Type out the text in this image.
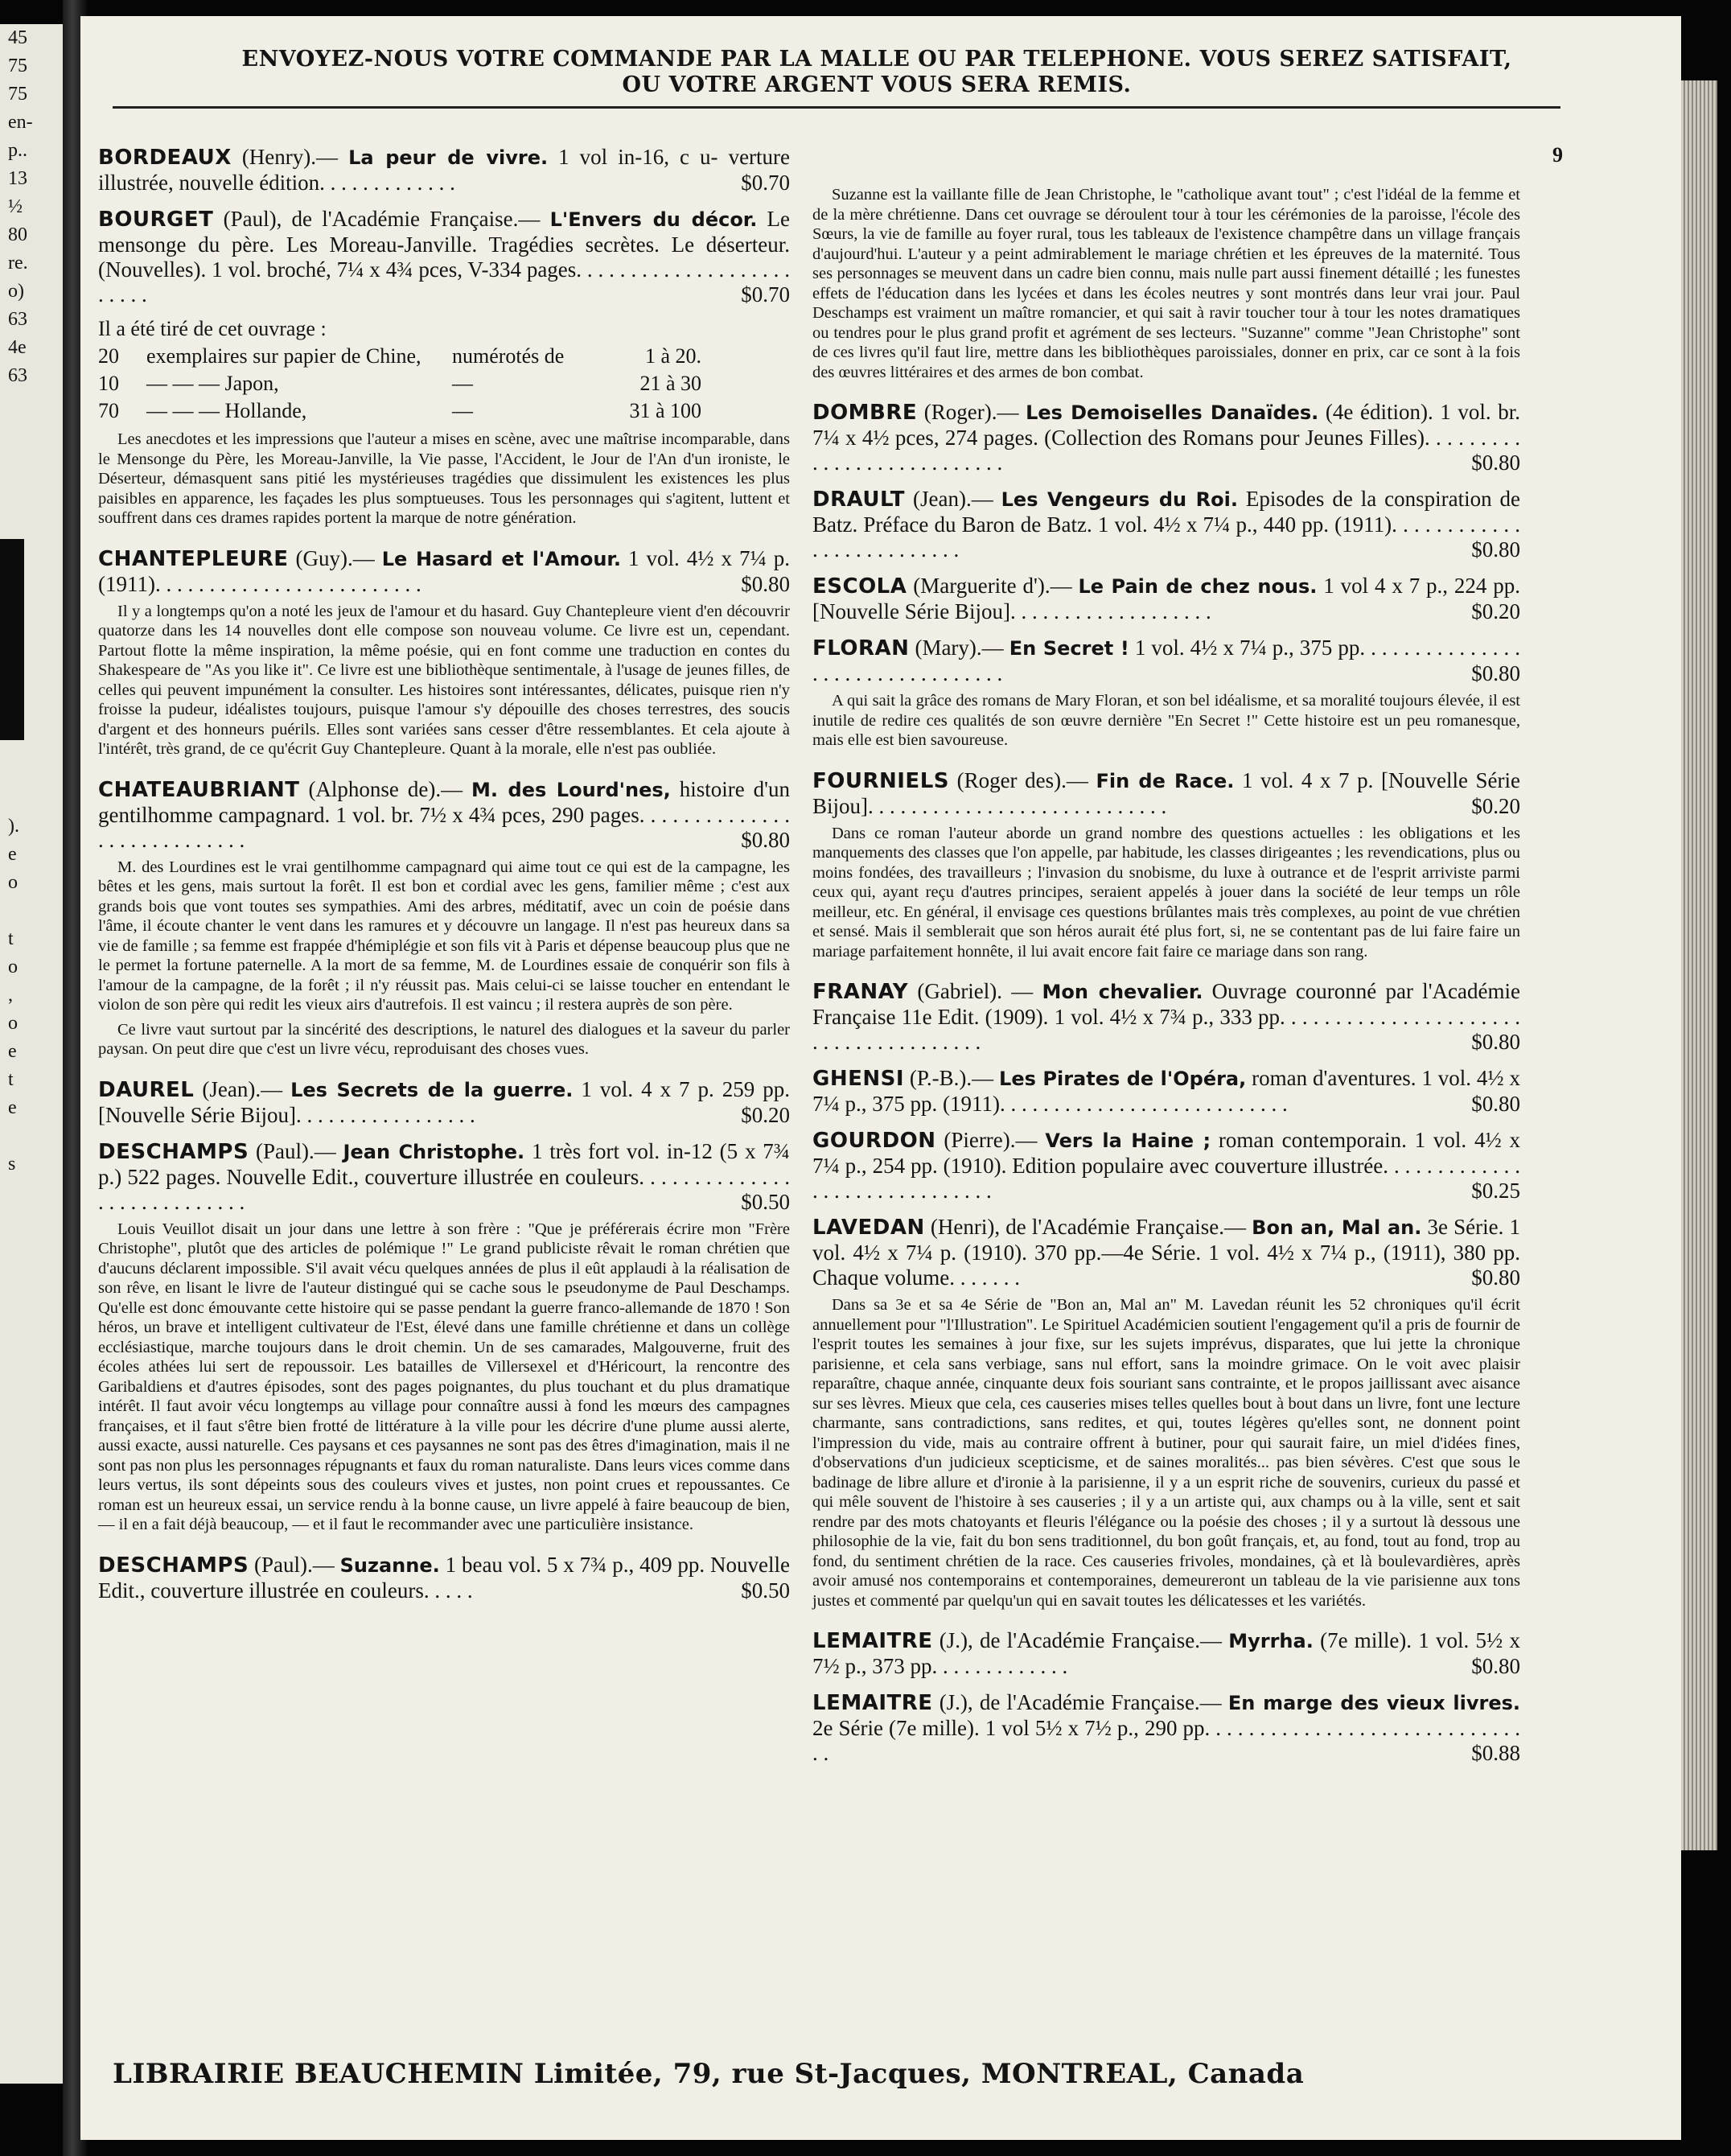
45
75
75
en-
p..
13
½
80
re.
o)
63
4e
63

).
e
o

t
o
,
o
e
t
e

s

ENVOYEZ-NOUS VOTRE COMMANDE PAR LA MALLE OU PAR TELEPHONE. VOUS SEREZ SATISFAIT,
OU VOTRE ARGENT VOUS SERA REMIS.
9
BORDEAUX (Henry).— La peur de vivre. 1 vol in-16, c u- verture illustrée, nouvelle édition. . . . . . . . . . . . .	$0.70
BOURGET (Paul), de l'Académie Française.— L'Envers du décor. Le mensonge du père. Les Moreau-Janville. Tragédies secrètes. Le déserteur. (Nouvelles). 1 vol. broché, 7¼ x 4¾ pces, V-334 pages. . . . . . . . . . . . . . . . . . . . . . . . .	$0.70
Il a été tiré de cet ouvrage :
20	exemplaires sur papier de Chine,	numérotés de	1 à 20.
10	— — — Japon,	—	21 à 30
70	— — — Hollande,	—	31 à 100
Les anecdotes et les impressions que l'auteur a mises en scène, avec une maîtrise incomparable, dans le Mensonge du Père, les Moreau-Janville, la Vie passe, l'Accident, le Jour de l'An d'un ironiste, le Déserteur, démasquent sans pitié les mystérieuses tragédies que dissimulent les existences les plus paisibles en apparence, les façades les plus somptueuses. Tous les personnages qui s'agitent, luttent et souffrent dans ces drames rapides portent la marque de notre génération.
CHANTEPLEURE (Guy).— Le Hasard et l'Amour. 1 vol. 4½ x 7¼ p. (1911). . . . . . . . . . . . . . . . . . . . . . . . .	$0.80
Il y a longtemps qu'on a noté les jeux de l'amour et du hasard. Guy Chantepleure vient d'en découvrir quatorze dans les 14 nouvelles dont elle compose son nouveau volume. Ce livre est un, cependant. Partout flotte la même inspiration, la même poésie, qui en font comme une traduction en contes du Shakespeare de "As you like it". Ce livre est une bibliothèque sentimentale, à l'usage de jeunes filles, de celles qui peuvent impunément la consulter. Les histoires sont intéressantes, délicates, puisque rien n'y froisse la pudeur, idéalistes toujours, puisque l'amour s'y dépouille des choses terrestres, des soucis d'argent et des honneurs puérils. Elles sont variées sans cesser d'être ressemblantes. Et cela ajoute à l'intérêt, très grand, de ce qu'écrit Guy Chantepleure. Quant à la morale, elle n'est pas oubliée.
CHATEAUBRIANT (Alphonse de).— M. des Lourd'nes, histoire d'un gentilhomme campagnard. 1 vol. br. 7½ x 4¾ pces, 290 pages. . . . . . . . . . . . . . . . . . . . . . . . . . . .	$0.80
M. des Lourdines est le vrai gentilhomme campagnard qui aime tout ce qui est de la campagne, les bêtes et les gens, mais surtout la forêt. Il est bon et cordial avec les gens, familier même ; c'est aux grands bois que vont toutes ses sympathies. Ami des arbres, méditatif, avec un coin de poésie dans l'âme, il écoute chanter le vent dans les ramures et y découvre un langage. Il n'est pas heureux dans sa vie de famille ; sa femme est frappée d'hémiplégie et son fils vit à Paris et dépense beaucoup plus que ne le permet la fortune paternelle. A la mort de sa femme, M. de Lourdines essaie de conquérir son fils à l'amour de la campagne, de la forêt ; il n'y réussit pas. Mais celui-ci se laisse toucher en entendant le violon de son père qui redit les vieux airs d'autrefois. Il est vaincu ; il restera auprès de son père.
Ce livre vaut surtout par la sincérité des descriptions, le naturel des dialogues et la saveur du parler paysan. On peut dire que c'est un livre vécu, reproduisant des choses vues.
DAUREL (Jean).— Les Secrets de la guerre. 1 vol. 4 x 7 p. 259 pp. [Nouvelle Série Bijou]. . . . . . . . . . . . . . . . .	$0.20
DESCHAMPS (Paul).— Jean Christophe. 1 très fort vol. in-12 (5 x 7¾ p.) 522 pages. Nouvelle Edit., couverture illustrée en couleurs. . . . . . . . . . . . . . . . . . . . . . . . . . . .	$0.50
Louis Veuillot disait un jour dans une lettre à son frère : "Que je préférerais écrire mon "Frère Christophe", plutôt que des articles de polémique !" Le grand publiciste rêvait le roman chrétien que d'aucuns déclarent impossible. S'il avait vécu quelques années de plus il eût applaudi à la réalisation de son rêve, en lisant le livre de l'auteur distingué qui se cache sous le pseudonyme de Paul Deschamps. Qu'elle est donc émouvante cette histoire qui se passe pendant la guerre franco-allemande de 1870 ! Son héros, un brave et intelligent cultivateur de l'Est, élevé dans une famille chrétienne et dans un collège ecclésiastique, marche toujours dans le droit chemin. Un de ses camarades, Malgouverne, fruit des écoles athées lui sert de repoussoir. Les batailles de Villersexel et d'Héricourt, la rencontre des Garibaldiens et d'autres épisodes, sont des pages poignantes, du plus touchant et du plus dramatique intérêt. Il faut avoir vécu longtemps au village pour connaître aussi à fond les mœurs des campagnes françaises, et il faut s'être bien frotté de littérature à la ville pour les décrire d'une plume aussi alerte, aussi exacte, aussi naturelle. Ces paysans et ces paysannes ne sont pas des êtres d'imagination, mais il ne sont pas non plus les personnages répugnants et faux du roman naturaliste. Dans leurs vices comme dans leurs vertus, ils sont dépeints sous des couleurs vives et justes, non point crues et repoussantes. Ce roman est un heureux essai, un service rendu à la bonne cause, un livre appelé à faire beaucoup de bien, — il en a fait déjà beaucoup, — et il faut le recommander avec une particulière insistance.
DESCHAMPS (Paul).— Suzanne. 1 beau vol. 5 x 7¾ p., 409 pp. Nouvelle Edit., couverture illustrée en couleurs. . . . .	$0.50
Suzanne est la vaillante fille de Jean Christophe, le "catholique avant tout" ; c'est l'idéal de la femme et de la mère chrétienne. Dans cet ouvrage se déroulent tour à tour les cérémonies de la paroisse, l'école des Sœurs, la vie de famille au foyer rural, tous les tableaux de l'existence champêtre dans un village français d'aujourd'hui. L'auteur y a peint admirablement le mariage chrétien et les épreuves de la maternité. Tous ses personnages se meuvent dans un cadre bien connu, mais nulle part aussi finement détaillé ; les funestes effets de l'éducation dans les lycées et dans les écoles neutres y sont montrés dans leur vrai jour. Paul Deschamps est vraiment un maître romancier, et qui sait à ravir toucher tour à tour les notes dramatiques ou tendres pour le plus grand profit et agrément de ses lecteurs. "Suzanne" comme "Jean Christophe" sont de ces livres qu'il faut lire, mettre dans les bibliothèques paroissiales, donner en prix, car ce sont à la fois des œuvres littéraires et des armes de bon combat.
DOMBRE (Roger).— Les Demoiselles Danaïdes. (4e édition). 1 vol. br. 7¼ x 4½ pces, 274 pages. (Collection des Romans pour Jeunes Filles). . . . . . . . . . . . . . . . . . . . . . . . . . .	$0.80
DRAULT (Jean).— Les Vengeurs du Roi. Episodes de la conspiration de Batz. Préface du Baron de Batz. 1 vol. 4½ x 7¼ p., 440 pp. (1911). . . . . . . . . . . . . . . . . . . . . . . . . .	$0.80
ESCOLA (Marguerite d').— Le Pain de chez nous. 1 vol 4 x 7 p., 224 pp. [Nouvelle Série Bijou]. . . . . . . . . . . . . . . . . . .	$0.20
FLORAN (Mary).— En Secret ! 1 vol. 4½ x 7¼ p., 375 pp. . . . . . . . . . . . . . . . . . . . . . . . . . . . . . . . .	$0.80
A qui sait la grâce des romans de Mary Floran, et son bel idéalisme, et sa moralité toujours élevée, il est inutile de redire ces qualités de son œuvre dernière "En Secret !" Cette histoire est un peu romanesque, mais elle est bien savoureuse.
FOURNIELS (Roger des).— Fin de Race. 1 vol. 4 x 7 p. [Nouvelle Série Bijou]. . . . . . . . . . . . . . . . . . . . . . . . . . . .	$0.20
Dans ce roman l'auteur aborde un grand nombre des questions actuelles : les obligations et les manquements des classes que l'on appelle, par habitude, les classes dirigeantes ; les revendications, plus ou moins fondées, des travailleurs ; l'invasion du snobisme, du luxe à outrance et de l'esprit arriviste parmi ceux qui, ayant reçu d'autres principes, seraient appelés à jouer dans la société de leur temps un rôle meilleur, etc. En général, il envisage ces questions brûlantes mais très complexes, au point de vue chrétien et sensé. Mais il semblerait que son héros aurait été plus fort, si, ne se contentant pas de lui faire faire un mariage parfaitement honnête, il lui avait encore fait faire ce mariage dans son rang.
FRANAY (Gabriel). — Mon chevalier. Ouvrage couronné par l'Académie Française 11e Edit. (1909). 1 vol. 4½ x 7¾ p., 333 pp. . . . . . . . . . . . . . . . . . . . . . . . . . . . . . . . . . . . . .	$0.80
GHENSI (P.-B.).— Les Pirates de l'Opéra, roman d'aventures. 1 vol. 4½ x 7¼ p., 375 pp. (1911). . . . . . . . . . . . . . . . . . . . . . . . . . .	$0.80
GOURDON (Pierre).— Vers la Haine ; roman contemporain. 1 vol. 4½ x 7¼ p., 254 pp. (1910). Edition populaire avec couverture illustrée. . . . . . . . . . . . . . . . . . . . . . . . . . . . . .	$0.25
LAVEDAN (Henri), de l'Académie Française.— Bon an, Mal an. 3e Série. 1 vol. 4½ x 7¼ p. (1910). 370 pp.—4e Série. 1 vol. 4½ x 7¼ p., (1911), 380 pp. Chaque volume. . . . . . .	$0.80
Dans sa 3e et sa 4e Série de "Bon an, Mal an" M. Lavedan réunit les 52 chroniques qu'il écrit annuellement pour "l'Illustration". Le Spirituel Académicien soutient l'engagement qu'il a pris de fournir de l'esprit toutes les semaines à jour fixe, sur les sujets imprévus, disparates, que lui jette la chronique parisienne, et cela sans verbiage, sans nul effort, sans la moindre grimace. On le voit avec plaisir reparaître, chaque année, cinquante deux fois souriant sans contrainte, et le propos jaillissant avec aisance sur ses lèvres. Mieux que cela, ces causeries mises telles quelles bout à bout dans un livre, font une lecture charmante, sans contradictions, sans redites, et qui, toutes légères qu'elles sont, ne donnent point l'impression du vide, mais au contraire offrent à butiner, pour qui saurait faire, un miel d'idées fines, d'observations d'un judicieux scepticisme, et de saines moralités... pas bien sévères. C'est que sous le badinage de libre allure et d'ironie à la parisienne, il y a un esprit riche de souvenirs, curieux du passé et qui mêle souvent de l'histoire à ses causeries ; il y a un artiste qui, aux champs ou à la ville, sent et sait rendre par des mots chatoyants et fleuris l'élégance ou la poésie des choses ; il y a surtout là dessous une philosophie de la vie, fait du bon sens traditionnel, du bon goût français, et, au fond, tout au fond, trop au fond, du sentiment chrétien de la race. Ces causeries frivoles, mondaines, çà et là boulevardières, après avoir amusé nos contemporains et contemporaines, demeureront un tableau de la vie parisienne aux tons justes et commenté par quelqu'un qui en savait toutes les délicatesses et les variétés.
LEMAITRE (J.), de l'Académie Française.— Myrrha. (7e mille). 1 vol. 5½ x 7½ p., 373 pp. . . . . . . . . . . . .	$0.80
LEMAITRE (J.), de l'Académie Française.— En marge des vieux livres. 2e Série (7e mille). 1 vol 5½ x 7½ p., 290 pp. . . . . . . . . . . . . . . . . . . . . . . . . . . . . . .	$0.88
LIBRAIRIE BEAUCHEMIN Limitée, 79, rue St-Jacques, MONTREAL, Canada
